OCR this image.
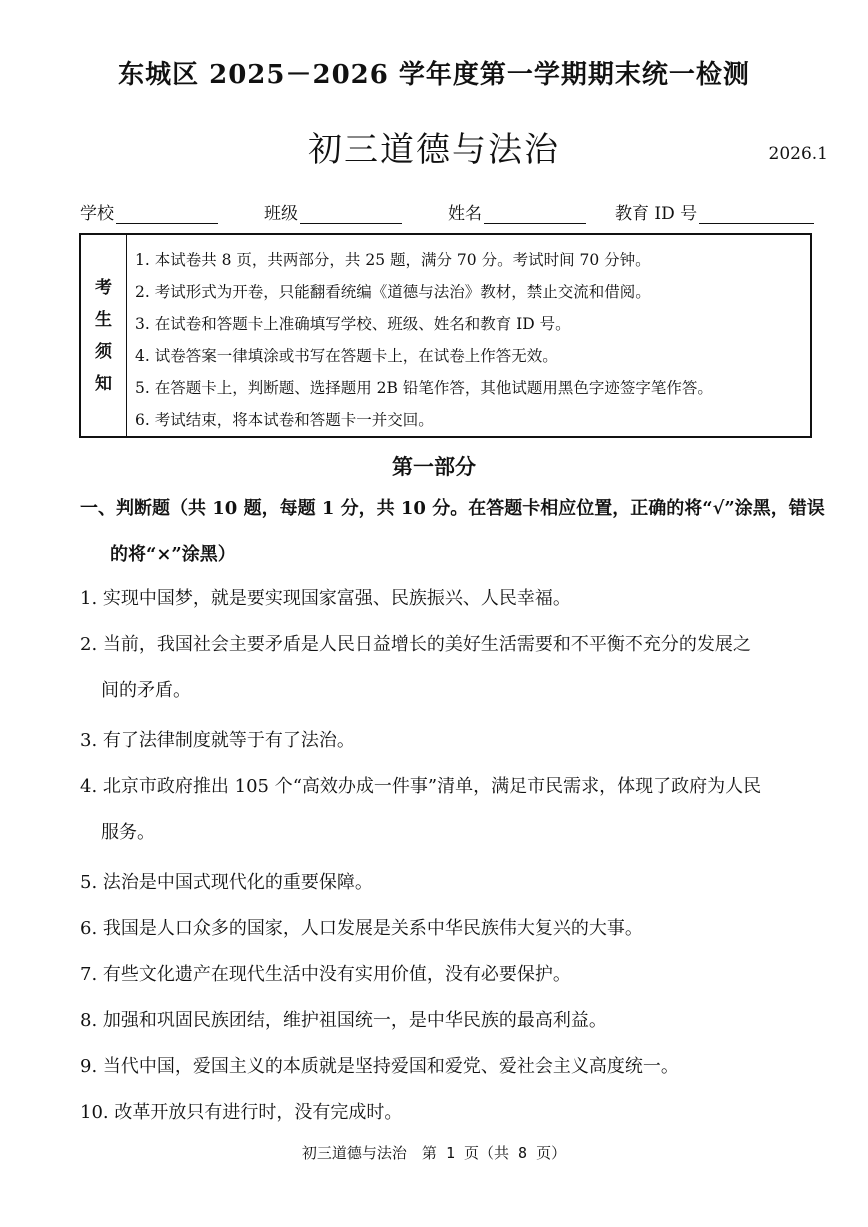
东城区 2025－2026 学年度第一学期期末统一检测
初三道德与法治	2026.1
学校	班级	姓名	教育 ID 号
考
生
须
知
1. 本试卷共 8 页，共两部分，共 25 题，满分 70 分。考试时间 70 分钟。
2. 考试形式为开卷，只能翻看统编《道德与法治》教材，禁止交流和借阅。
3. 在试卷和答题卡上准确填写学校、班级、姓名和教育 ID 号。
4. 试卷答案一律填涂或书写在答题卡上，在试卷上作答无效。
5. 在答题卡上，判断题、选择题用 2B 铅笔作答，其他试题用黑色字迹签字笔作答。
6. 考试结束，将本试卷和答题卡一并交回。
第一部分
一、判断题（共 10 题，每题 1 分，共 10 分。在答题卡相应位置，正确的将“√”涂黑，错误
的将“×”涂黑）
1. 实现中国梦，就是要实现国家富强、民族振兴、人民幸福。
2. 当前，我国社会主要矛盾是人民日益增长的美好生活需要和不平衡不充分的发展之
间的矛盾。
3. 有了法律制度就等于有了法治。
4. 北京市政府推出 105 个“高效办成一件事”清单，满足市民需求，体现了政府为人民
服务。
5. 法治是中国式现代化的重要保障。
6. 我国是人口众多的国家，人口发展是关系中华民族伟大复兴的大事。
7. 有些文化遗产在现代生活中没有实用价值，没有必要保护。
8. 加强和巩固民族团结，维护祖国统一，是中华民族的最高利益。
9. 当代中国，爱国主义的本质就是坚持爱国和爱党、爱社会主义高度统一。
10. 改革开放只有进行时，没有完成时。
初三道德与法治　第 1 页（共 8 页）
